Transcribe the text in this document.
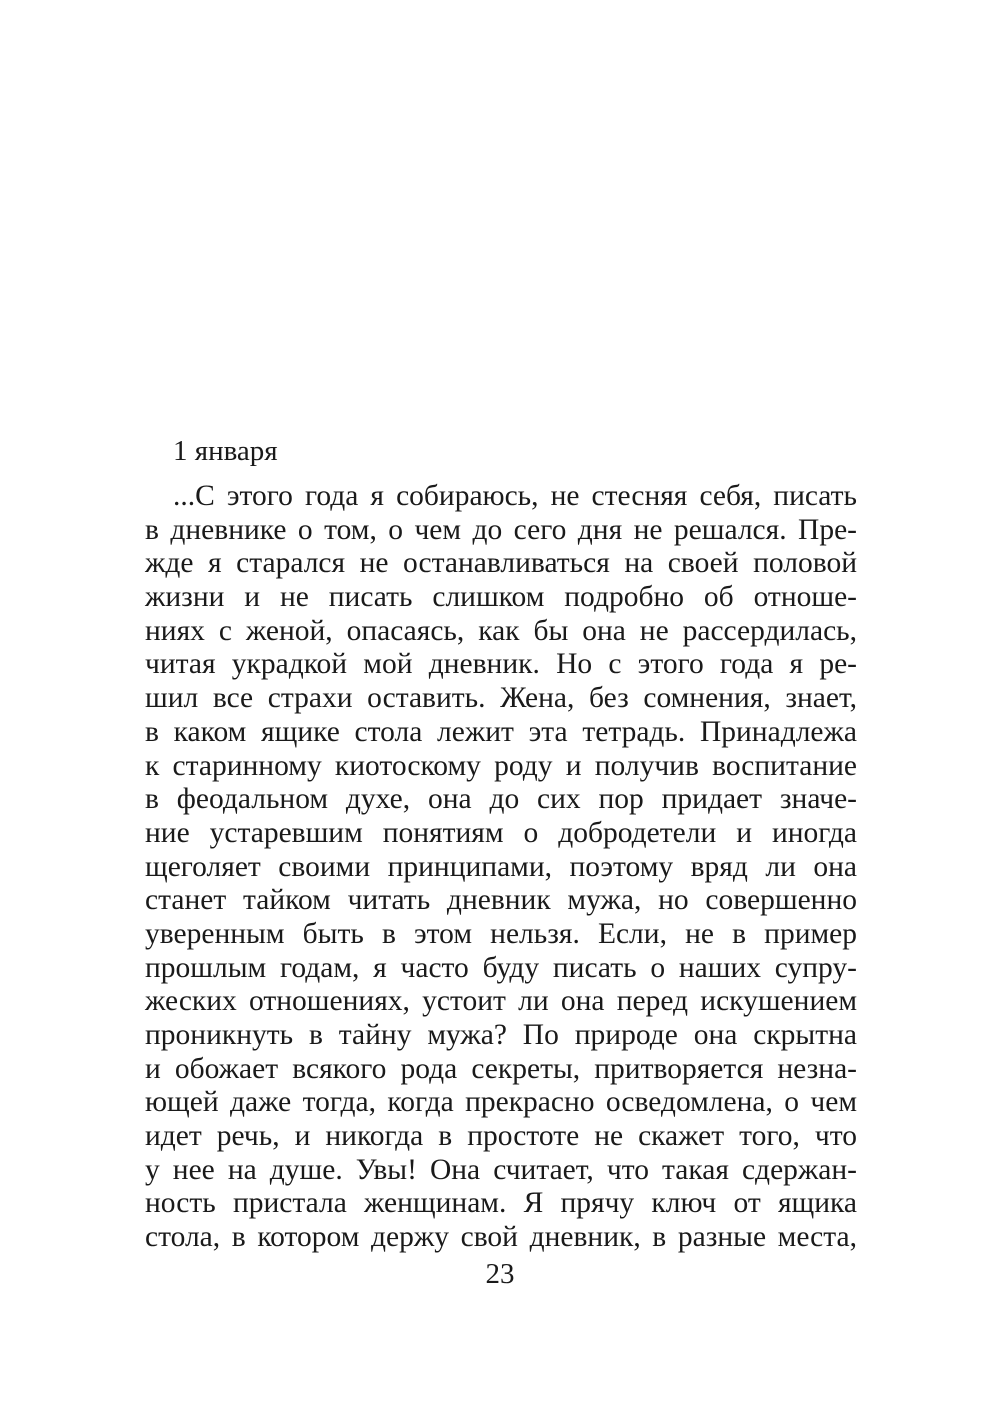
1 января
...С этого года я собираюсь, не стесняя себя, писать
в дневнике о том, о чем до сего дня не решался. Пре-
жде я старался не останавливаться на своей половой
жизни и не писать слишком подробно об отноше-
ниях с женой, опасаясь, как бы она не рассердилась,
читая украдкой мой дневник. Но с этого года я ре-
шил все страхи оставить. Жена, без сомнения, знает,
в каком ящике стола лежит эта тетрадь. Принадлежа
к старинному киотоскому роду и получив воспитание
в феодальном духе, она до сих пор придает значе-
ние устаревшим понятиям о добродетели и иногда
щеголяет своими принципами, поэтому вряд ли она
станет тайком читать дневник мужа, но совершенно
уверенным быть в этом нельзя. Если, не в пример
прошлым годам, я часто буду писать о наших супру-
жеских отношениях, устоит ли она перед искушением
проникнуть в тайну мужа? По природе она скрытна
и обожает всякого рода секреты, притворяется незна-
ющей даже тогда, когда прекрасно осведомлена, о чем
идет речь, и никогда в простоте не скажет того, что
у нее на душе. Увы! Она считает, что такая сдержан-
ность пристала женщинам. Я прячу ключ от ящика
стола, в котором держу свой дневник, в разные места,
23
